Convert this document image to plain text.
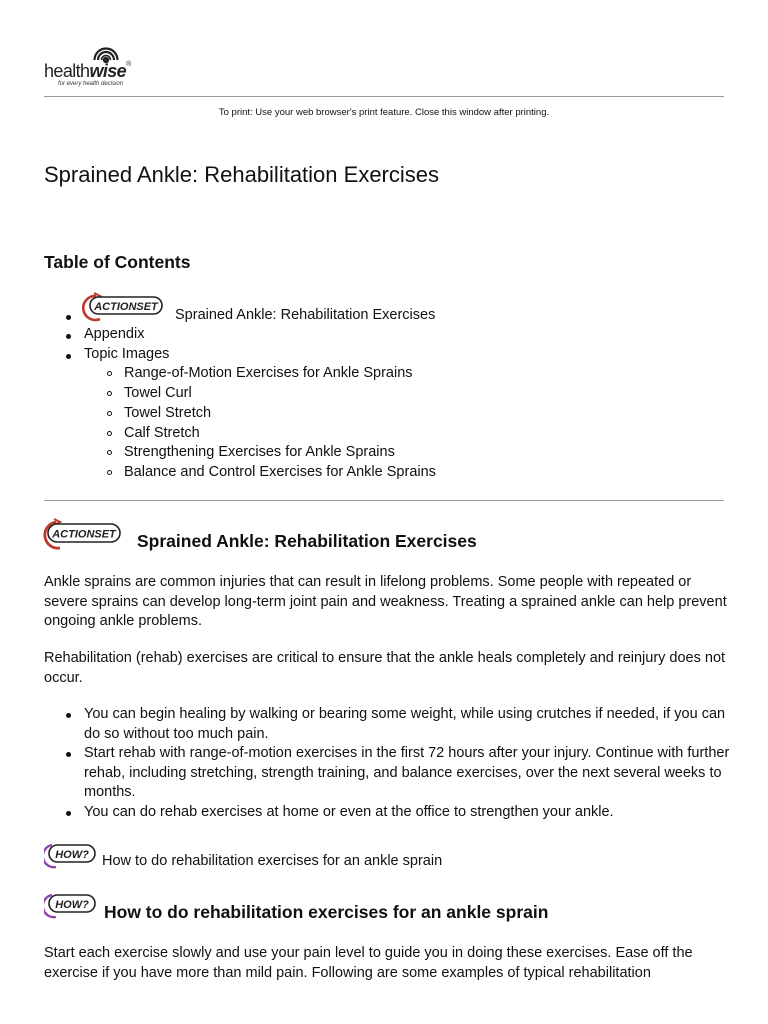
healthwise®
for every health decision
To print: Use your web browser's print feature. Close this window after printing.
Sprained Ankle: Rehabilitation Exercises
Table of Contents
ACTIONSET Sprained Ankle: Rehabilitation Exercises
Appendix
Topic Images
Range-of-Motion Exercises for Ankle Sprains
Towel Curl
Towel Stretch
Calf Stretch
Strengthening Exercises for Ankle Sprains
Balance and Control Exercises for Ankle Sprains
ACTIONSET Sprained Ankle: Rehabilitation Exercises

Ankle sprains are common injuries that can result in lifelong problems. Some people with repeated or severe sprains can develop long-term joint pain and weakness. Treating a sprained ankle can help prevent ongoing ankle problems.

Rehabilitation (rehab) exercises are critical to ensure that the ankle heals completely and reinjury does not occur.

You can begin healing by walking or bearing some weight, while using crutches if needed, if you can do so without too much pain.
Start rehab with range-of-motion exercises in the first 72 hours after your injury. Continue with further rehab, including stretching, strength training, and balance exercises, over the next several weeks to months.
You can do rehab exercises at home or even at the office to strengthen your ankle.
HOW? How to do rehabilitation exercises for an ankle sprain
HOW? How to do rehabilitation exercises for an ankle sprain

Start each exercise slowly and use your pain level to guide you in doing these exercises. Ease off the exercise if you have more than mild pain. Following are some examples of typical rehabilitation
